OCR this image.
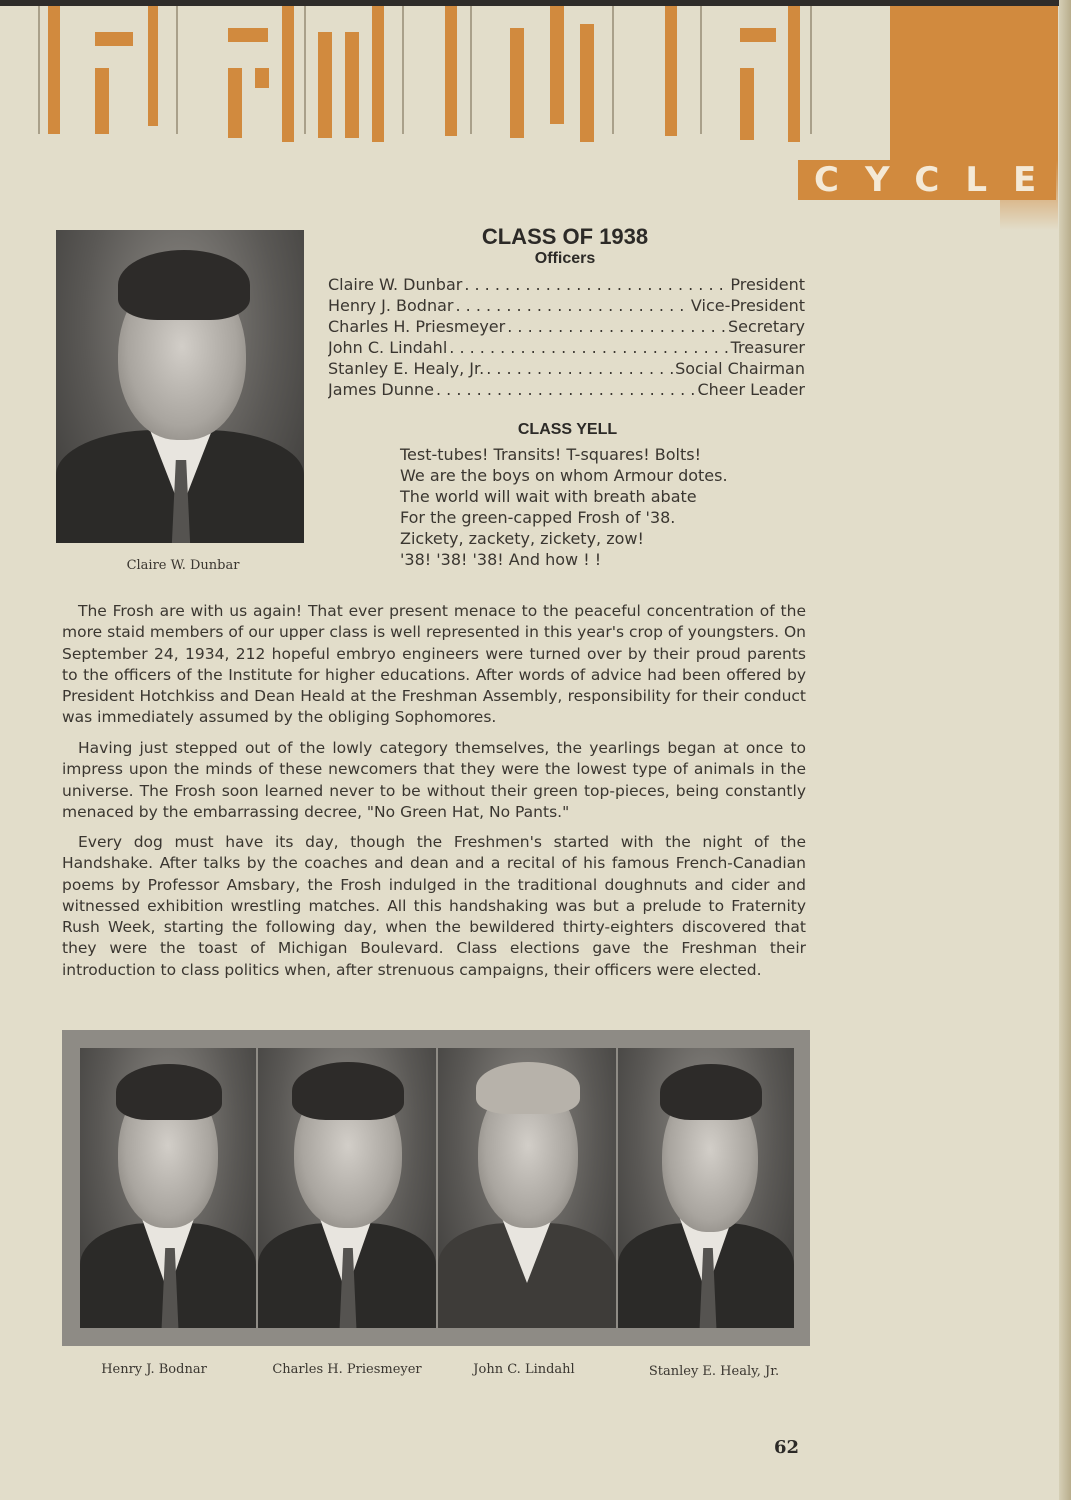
CYCLE
Claire W. Dunbar
CLASS OF 1938
Officers
Claire W. Dunbar . . .	President
Henry J. Bodnar . . .	Vice-President
Charles H. Priesmeyer . . .	Secretary
John C. Lindahl . . .	Treasurer
Stanley E. Healy, Jr. . . .	Social Chairman
James Dunne . . .	Cheer Leader
CLASS YELL
Test-tubes! Transits! T-squares! Bolts!
We are the boys on whom Armour dotes.
The world will wait with breath abate
For the green-capped Frosh of '38.
Zickety, zackety, zickety, zow!
'38! '38! '38! And how ! !

The Frosh are with us again! That ever present menace to the peaceful concentration of the more staid members of our upper class is well represented in this year's crop of youngsters. On September 24, 1934, 212 hopeful embryo engineers were turned over by their proud parents to the officers of the Institute for higher educations. After words of advice had been offered by President Hotchkiss and Dean Heald at the Freshman Assembly, responsibility for their conduct was immediately assumed by the obliging Sophomores.

Having just stepped out of the lowly category themselves, the yearlings began at once to impress upon the minds of these newcomers that they were the lowest type of animals in the universe. The Frosh soon learned never to be without their green top-pieces, being constantly menaced by the embarrassing decree, "No Green Hat, No Pants."

Every dog must have its day, though the Freshmen's started with the night of the Handshake. After talks by the coaches and dean and a recital of his famous French-Canadian poems by Professor Amsbary, the Frosh indulged in the traditional doughnuts and cider and witnessed exhibition wrestling matches. All this handshaking was but a prelude to Fraternity Rush Week, starting the following day, when the bewildered thirty-eighters discovered that they were the toast of Michigan Boulevard. Class elections gave the Freshman their introduction to class politics when, after strenuous campaigns, their officers were elected.

Henry J. Bodnar	Charles H. Priesmeyer	John C. Lindahl	Stanley E. Healy, Jr.
62
